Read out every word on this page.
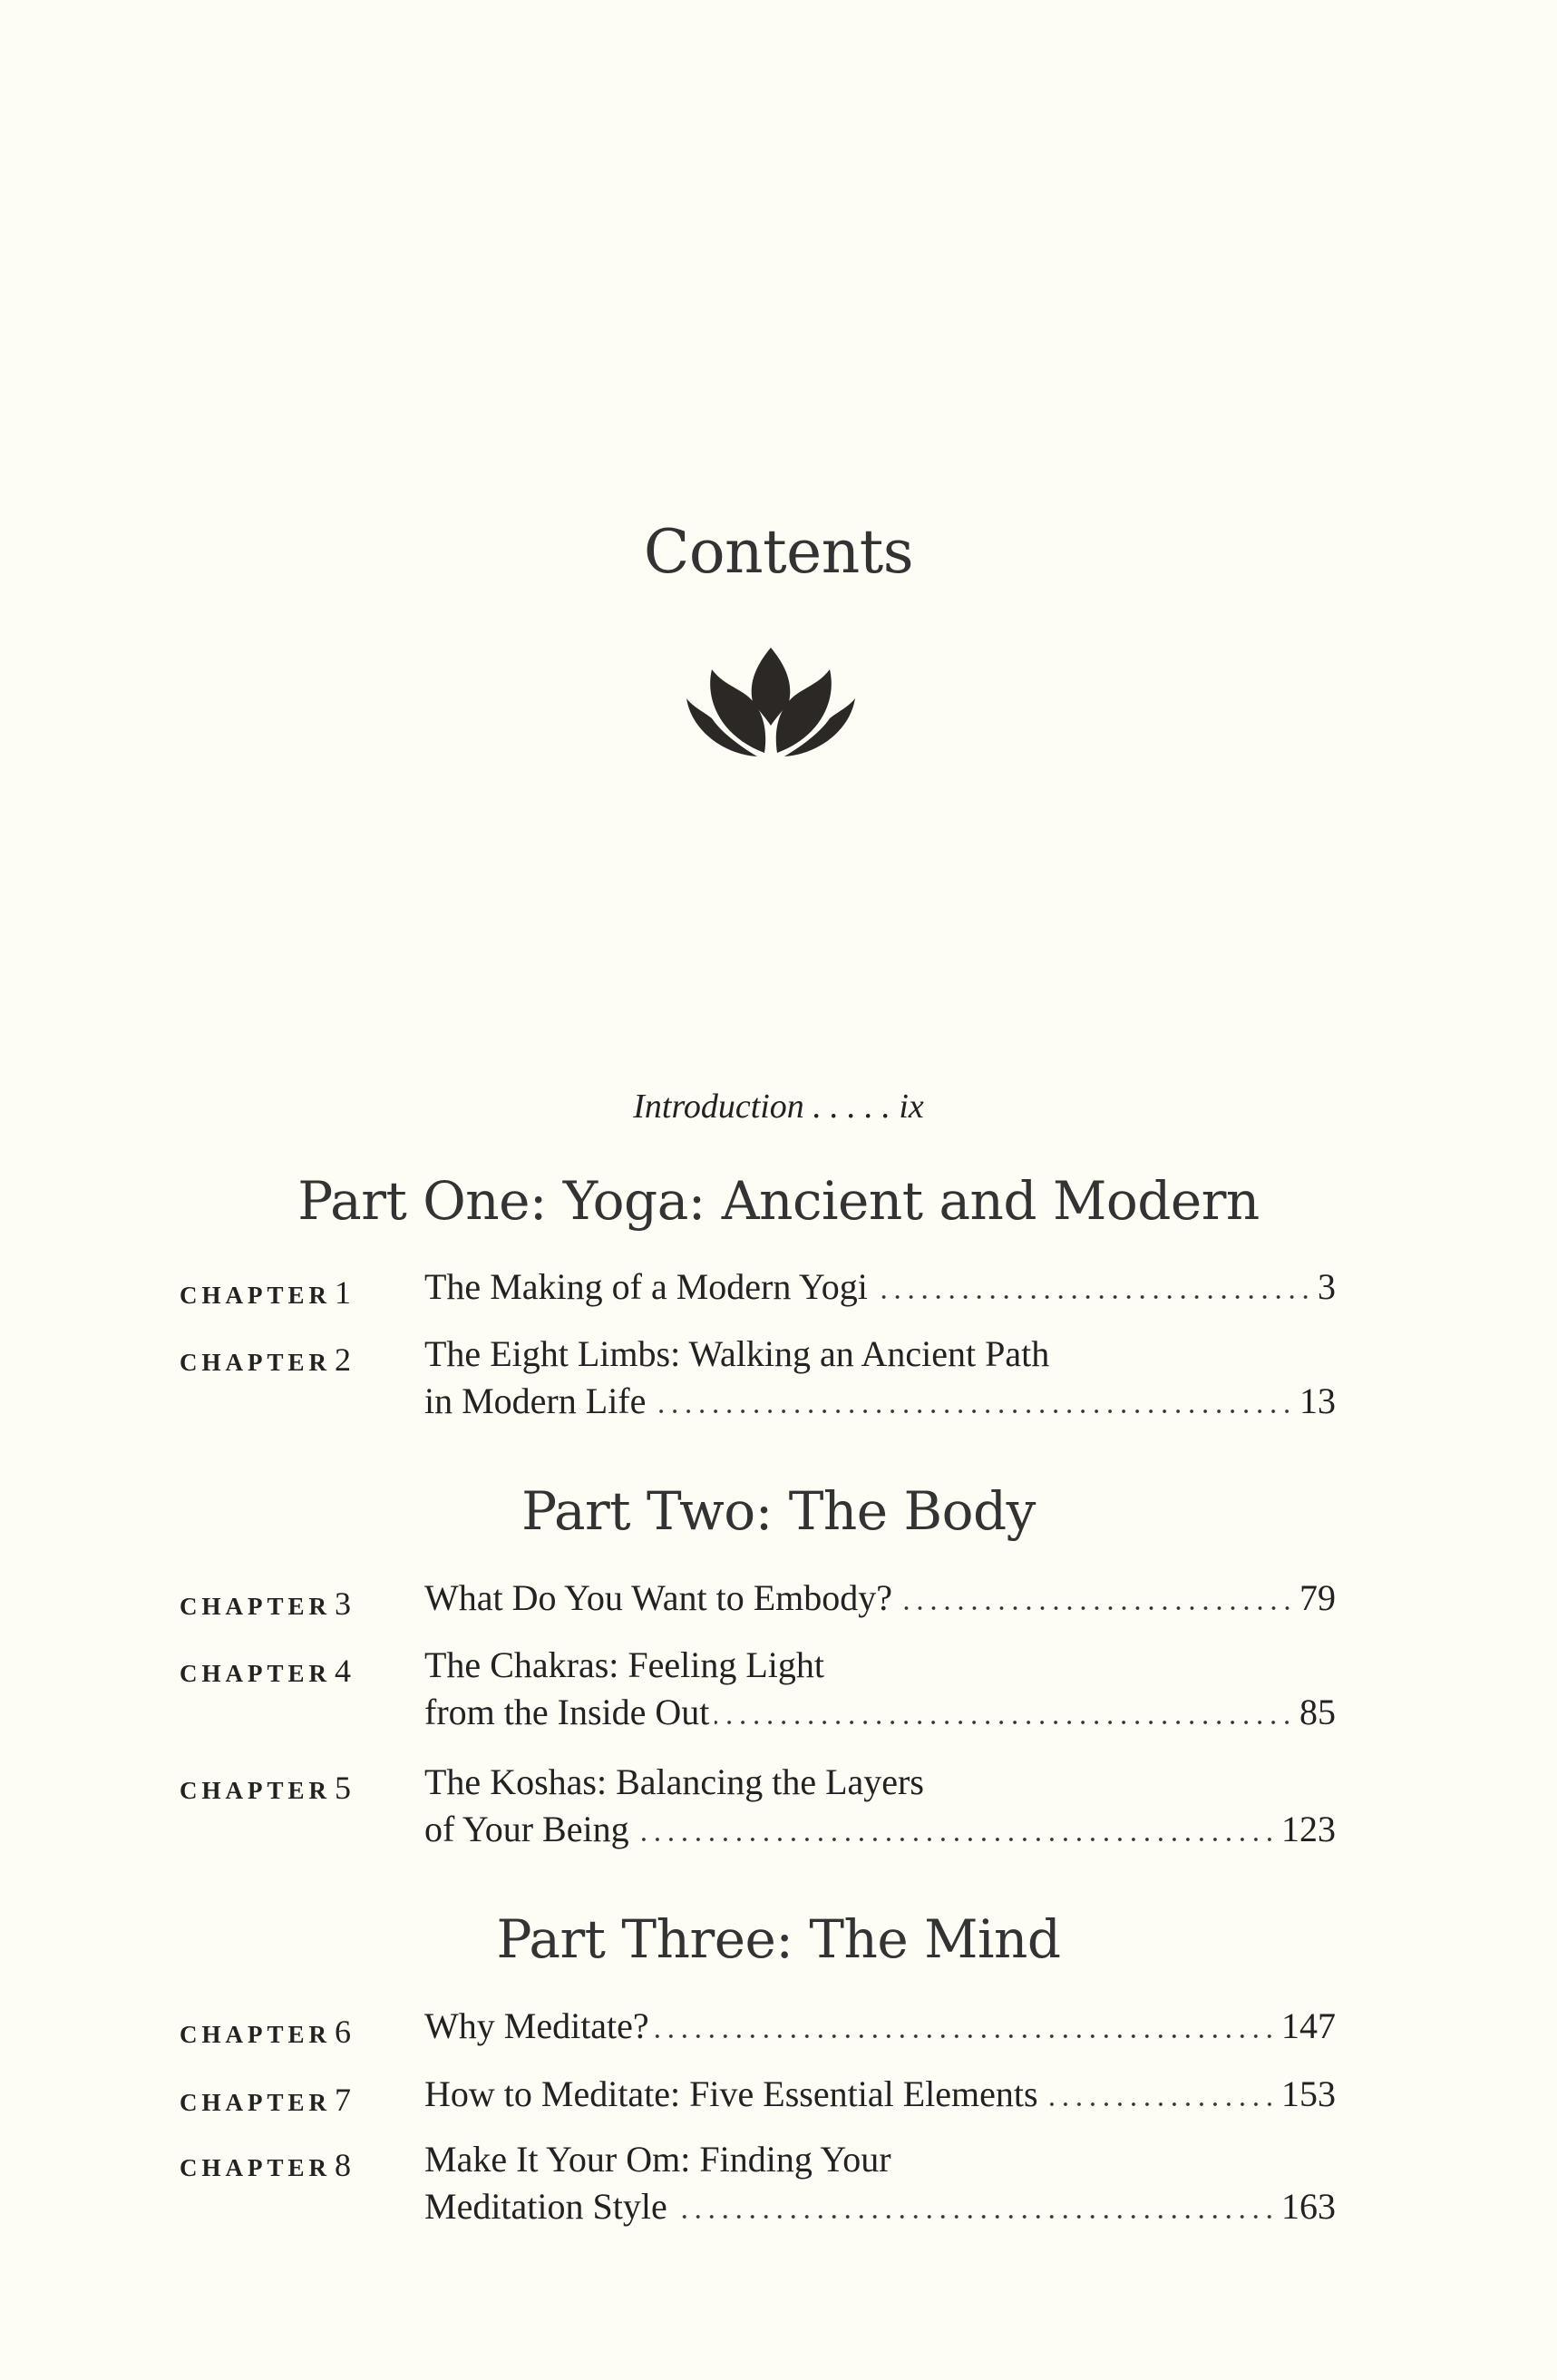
Contents
Introduction . . . . . ix
Part One: Yoga: Ancient and Modern
CHAPTER 1	The Making of a Modern Yogi	3
CHAPTER 2	The Eight Limbs: Walking an Ancient Path
in Modern Life	13
Part Two: The Body
CHAPTER 3	What Do You Want to Embody?	79
CHAPTER 4	The Chakras: Feeling Light
from the Inside Out	85
CHAPTER 5	The Koshas: Balancing the Layers
of Your Being	123
Part Three: The Mind
CHAPTER 6	Why Meditate?	147
CHAPTER 7	How to Meditate: Five Essential Elements	153
CHAPTER 8	Make It Your Om: Finding Your
Meditation Style	163
